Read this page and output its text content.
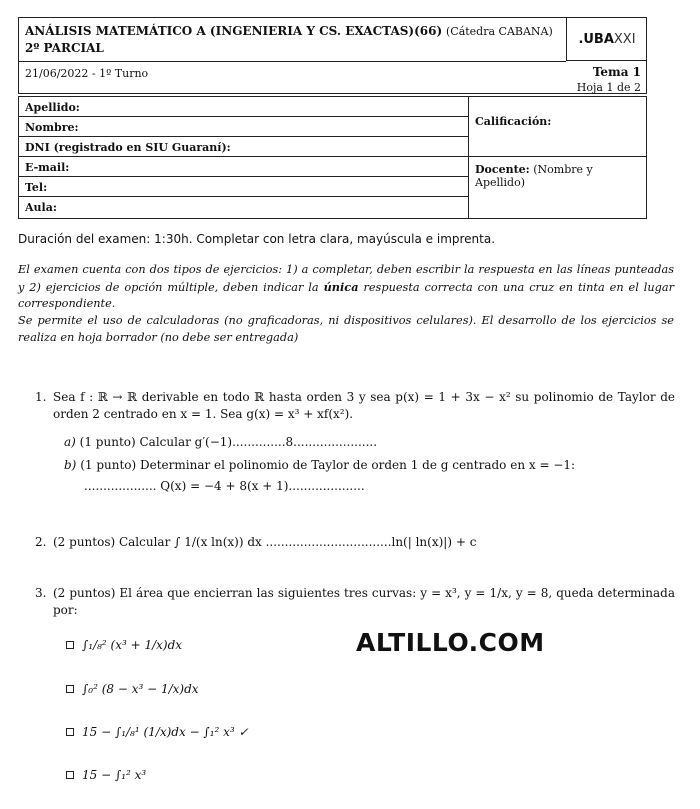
ANÁLISIS MATEMÁTICO A (INGENIERIA Y CS. EXACTAS)(66) (Cátedra CABANA)
2º PARCIAL
.UBA XXI
21/06/2022 - 1º Turno	Tema 1
Hoja 1 de 2
Apellido:
Nombre:
DNI (registrado en SIU Guaraní):
E-mail:
Tel:
Aula:
Calificación:
Docente: (Nombre y Apellido)
Duración del examen: 1:30h. Completar con letra clara, mayúscula e imprenta.
El examen cuenta con dos tipos de ejercicios: 1) a completar, deben escribir la respuesta en las líneas punteadas y 2) ejercicios de opción múltiple, deben indicar la única respuesta correcta con una cruz en tinta en el lugar correspondiente.
Se permite el uso de calculadoras (no graficadoras, ni dispositivos celulares). El desarrollo de los ejercicios se realiza en hoja borrador (no debe ser entregada)
1. Sea f : ℝ → ℝ derivable en todo ℝ hasta orden 3 y sea p(x) = 1 + 3x − x² su polinomio de Taylor de orden 2 centrado en x = 1. Sea g(x) = x³ + xf(x²).
a) (1 punto) Calcular g′(−1)..............8......................
b) (1 punto) Determinar el polinomio de Taylor de orden 1 de g centrado en x = −1:
................... Q(x) = −4 + 8(x + 1)....................
2. (2 puntos) Calcular ∫ 1/(x ln(x)) dx .................................ln(| ln(x)|) + c
3. (2 puntos) El área que encierran las siguientes tres curvas: y = x³, y = 1/x, y = 8, queda determinada por:
∫₁/₈² (x³ + 1/x)dx
∫₀² (8 − x³ − 1/x)dx
15 − ∫₁/₈¹ (1/x)dx − ∫₁² x³ ✓
15 − ∫₁² x³
ALTILLO.COM
